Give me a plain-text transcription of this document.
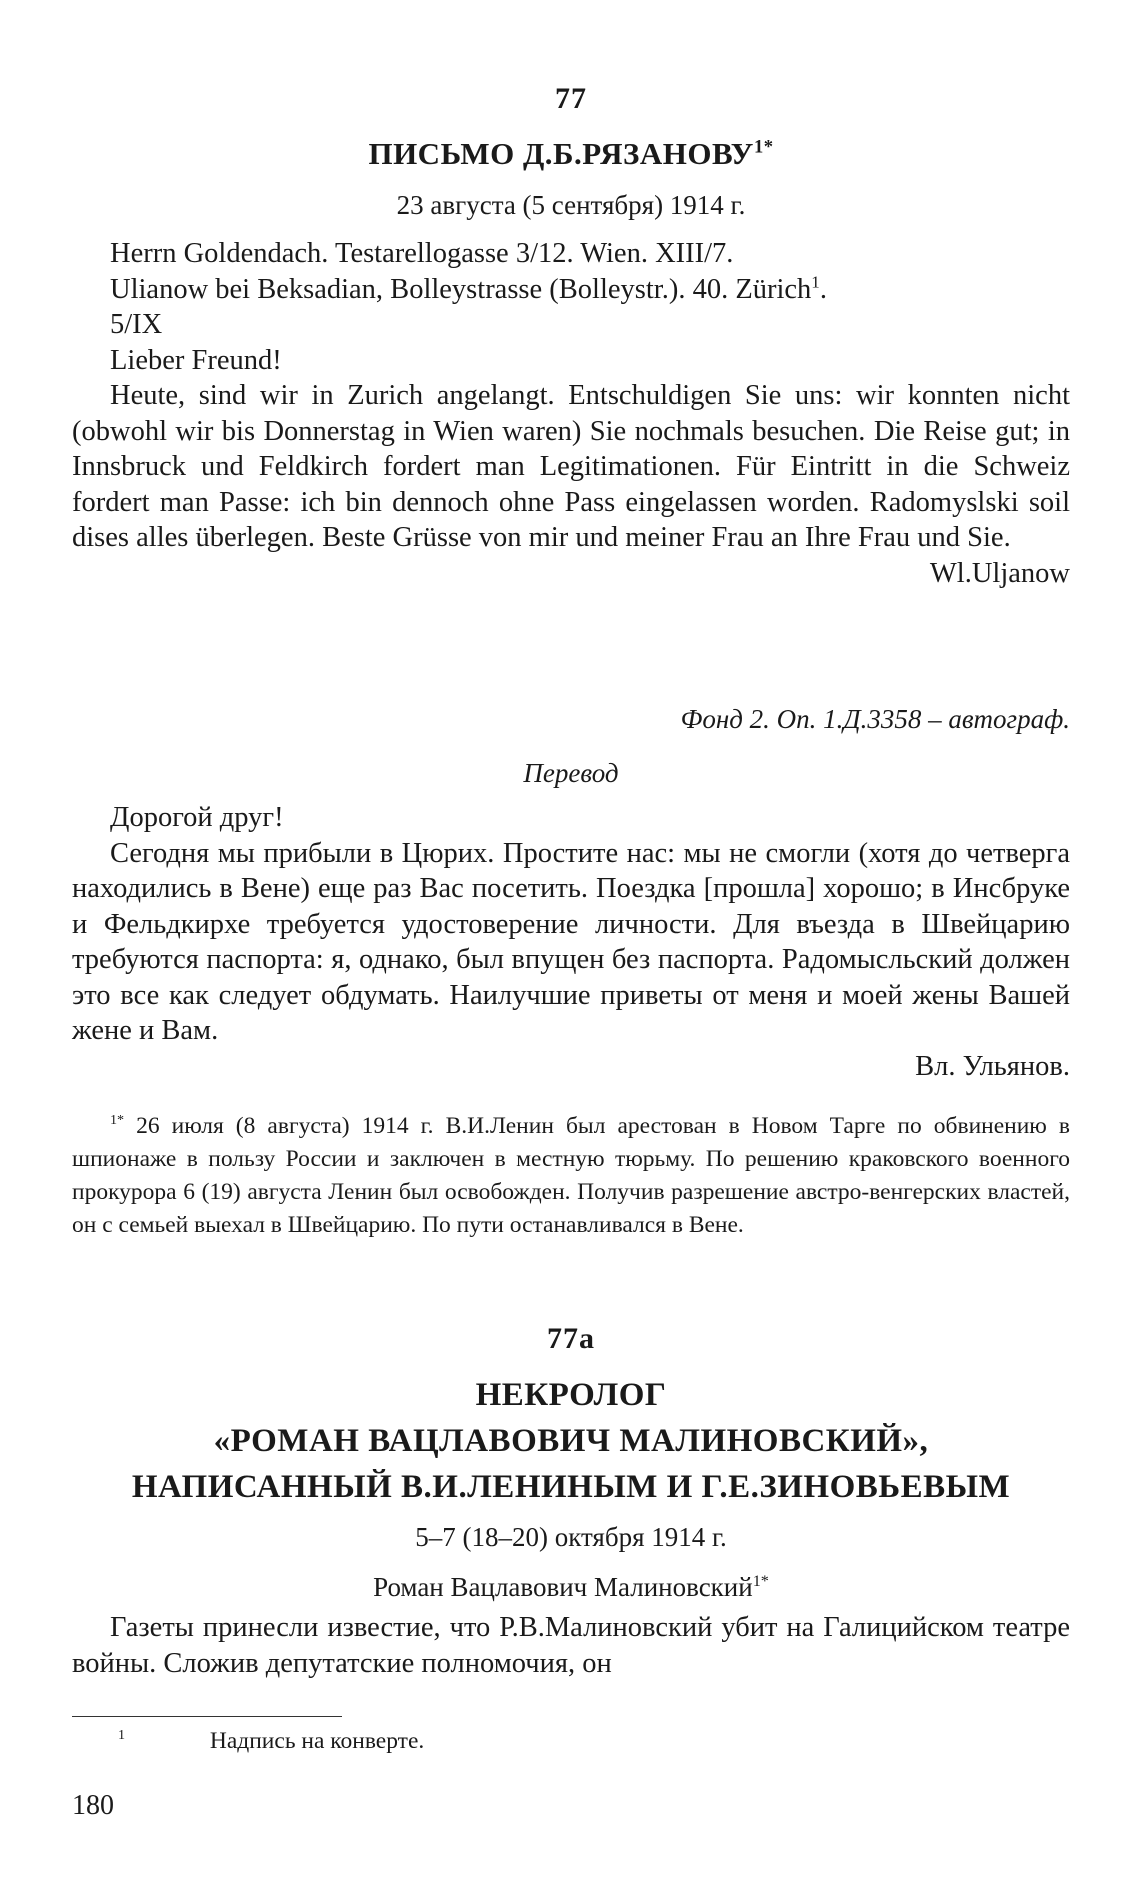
77
ПИСЬМО $Д.Б.РЯЗАНОВУ^{1*}$
23 августа (5 сентября) 1914 г.

Herrn Goldendach. Testarellogasse 3/12. Wien. XIII/7.

Ulianow bei Beksadian, Bolleystrasse (Bolleystr.). 40. Zürich$^1$.

5/IX

Lieber Freund!

Heute, sind wir in Zurich angelangt. Entschuldigen Sie uns: wir konnten nicht (obwohl wir bis Donnerstag in Wien waren) Sie nochmals besuchen. Die Reise gut; in Innsbruck und Feldkirch fordert man Legitimationen. Für Eintritt in die Schweiz fordert man Passe: ich bin dennoch ohne Pass eingelassen worden. Radomyslski soil dises alles überlegen. Beste Grüsse von mir und meiner Frau an Ihre Frau und Sie.

Wl.Uljanow

Фонд 2. Оп. 1.Д.3358 – автограф.
Перевод

Дорогой друг!

Сегодня мы прибыли в Цюрих. Простите нас: мы не смогли (хотя до четверга находились в Вене) еще раз Вас посетить. Поездка [прошла] хорошо; в Инсбруке и Фельдкирхе требуется удостоверение личности. Для въезда в Швейцарию требуются паспорта: я, однако, был впущен без паспорта. Радомысльский должен это все как следует обдумать. Наилучшие приветы от меня и моей жены Вашей жене и Вам.

Вл. Ульянов.

$^{1*}$ 26 июля (8 августа) 1914 г. В.И.Ленин был арестован в Новом Тарге по обвинению в шпионаже в пользу России и заключен в местную тюрьму. По решению краковского военного прокурора 6 (19) августа Ленин был освобожден. Получив разрешение австро-венгерских властей, он с семьей выехал в Швейцарию. По пути останавливался в Вене.

77а
НЕКРОЛОГ
«РОМАН ВАЦЛАВОВИЧ МАЛИНОВСКИЙ»,
НАПИСАННЫЙ В.И.ЛЕНИНЫМ И Г.Е.ЗИНОВЬЕВЫМ
5–7 (18–20) октября 1914 г.
Роман Вацлавович Малиновский$^{1*}$

Газеты принесли известие, что Р.В.Малиновский убит на Галицийском театре войны. Сложив депутатские полномочия, он

$^1$	Надпись на конверте.
180
